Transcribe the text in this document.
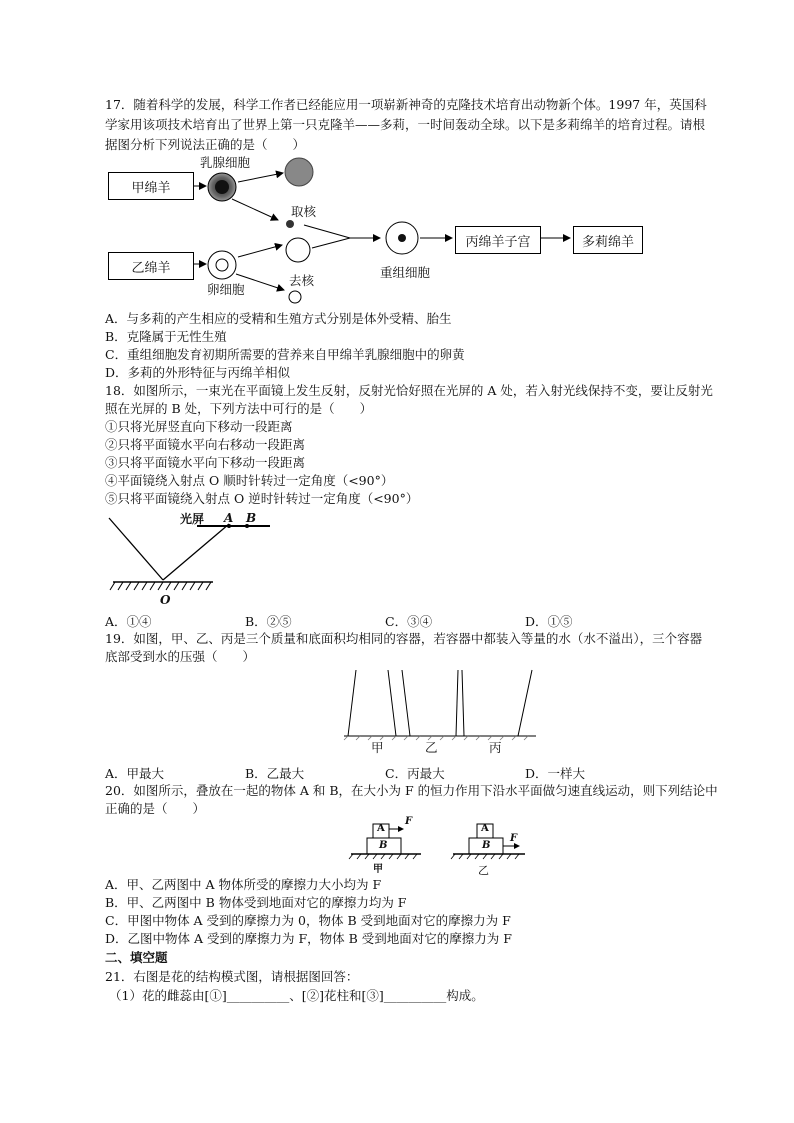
17．随着科学的发展，科学工作者已经能应用一项崭新神奇的克隆技术培育出动物新个体。1997 年，英国科
学家用该项技术培育出了世界上第一只克隆羊——多莉，一时间轰动全球。以下是多莉绵羊的培育过程。请根
据图分析下列说法正确的是（　　）
甲绵羊
乙绵羊
丙绵羊子宫	多莉绵羊
乳腺细胞
取核
去核
卵细胞
重组细胞
A．与多莉的产生相应的受精和生殖方式分别是体外受精、胎生
B．克隆属于无性生殖
C．重组细胞发育初期所需要的营养来自甲绵羊乳腺细胞中的卵黄
D．多莉的外形特征与丙绵羊相似
18．如图所示，一束光在平面镜上发生反射，反射光恰好照在光屏的 A 处，若入射光线保持不变，要让反射光
照在光屏的 B 处，下列方法中可行的是（　　）
①只将光屏竖直向下移动一段距离
②只将平面镜水平向右移动一段距离
③只将平面镜水平向下移动一段距离
④平面镜绕入射点 O 顺时针转过一定角度（<90°）
⑤只将平面镜绕入射点 O 逆时针转过一定角度（<90°）
光屏 A B
O
A．①④	B．②⑤	C．③④	D．①⑤
19．如图，甲、乙、丙是三个质量和底面积均相同的容器，若容器中都装入等量的水（水不溢出），三个容器
底部受到水的压强（　　）
甲	乙	丙
A．甲最大	B．乙最大	C．丙最大	D．一样大
20．如图所示，叠放在一起的物体 A 和 B，在大小为 F 的恒力作用下沿水平面做匀速直线运动，则下列结论中
正确的是（　　）
A
B
F
甲
A
B
F
乙
A．甲、乙两图中 A 物体所受的摩擦力大小均为 F
B．甲、乙两图中 B 物体受到地面对它的摩擦力均为 F
C．甲图中物体 A 受到的摩擦力为 0，物体 B 受到地面对它的摩擦力为 F
D．乙图中物体 A 受到的摩擦力为 F，物体 B 受到地面对它的摩擦力为 F
二、填空题
21．右图是花的结构模式图，请根据图回答：
（1）花的雌蕊由[①]__________、[②]花柱和[③]__________构成。
